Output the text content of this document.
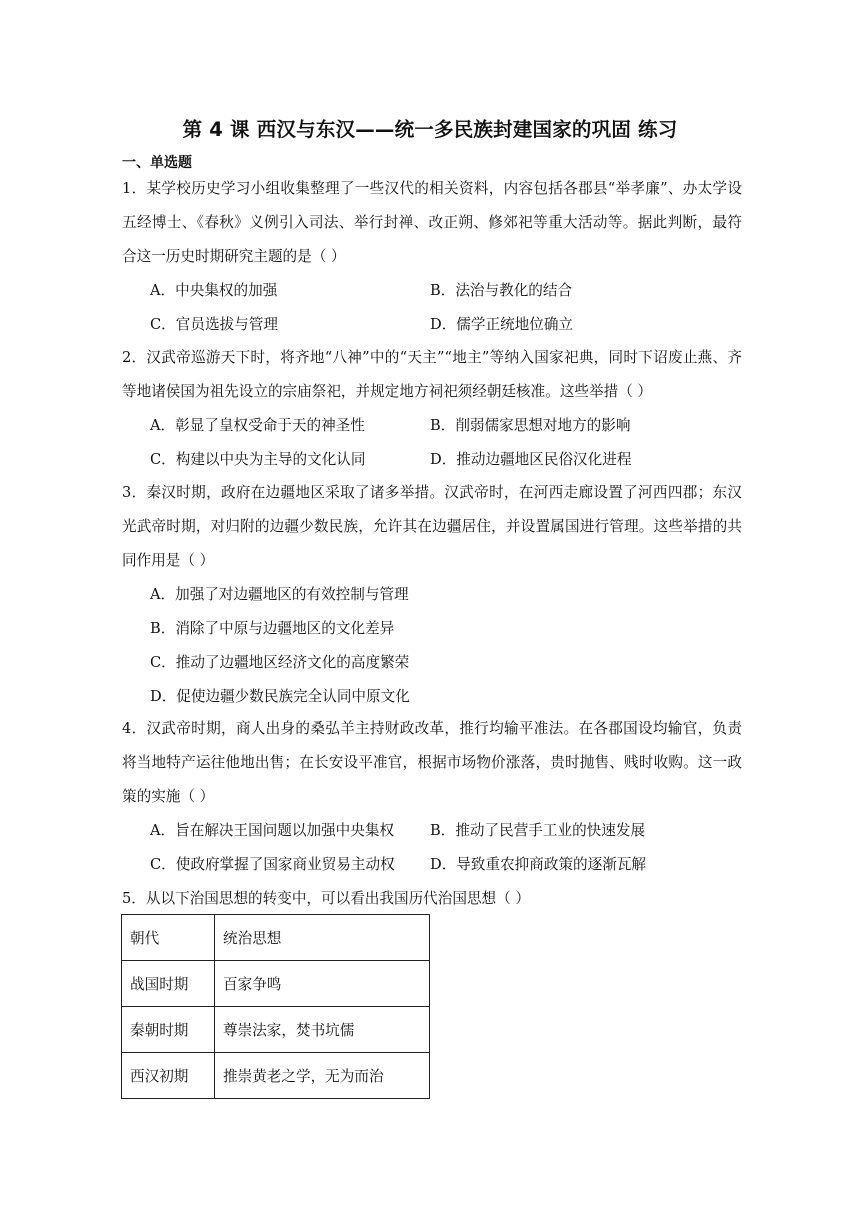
第 4 课 西汉与东汉——统一多民族封建国家的巩固 练习
一、单选题
1．某学校历史学习小组收集整理了一些汉代的相关资料，内容包括各郡县“举孝廉”、办太学设五经博士、《春秋》义例引入司法、举行封禅、改正朔、修郊祀等重大活动等。据此判断，最符合这一历史时期研究主题的是（ ）
A．中央集权的加强	B．法治与教化的结合
C．官员选拔与管理	D．儒学正统地位确立
2．汉武帝巡游天下时，将齐地“八神”中的“天主”“地主”等纳入国家祀典，同时下诏废止燕、齐等地诸侯国为祖先设立的宗庙祭祀，并规定地方祠祀须经朝廷核准。这些举措（ ）
A．彰显了皇权受命于天的神圣性	B．削弱儒家思想对地方的影响
C．构建以中央为主导的文化认同	D．推动边疆地区民俗汉化进程
3．秦汉时期，政府在边疆地区采取了诸多举措。汉武帝时，在河西走廊设置了河西四郡；东汉光武帝时期，对归附的边疆少数民族，允许其在边疆居住，并设置属国进行管理。这些举措的共同作用是（ ）
A．加强了对边疆地区的有效控制与管理
B．消除了中原与边疆地区的文化差异
C．推动了边疆地区经济文化的高度繁荣
D．促使边疆少数民族完全认同中原文化
4．汉武帝时期，商人出身的桑弘羊主持财政改革，推行均输平准法。在各郡国设均输官，负责将当地特产运往他地出售；在长安设平准官，根据市场物价涨落，贵时抛售、贱时收购。这一政策的实施（ ）
A．旨在解决王国问题以加强中央集权 B．推动了民营手工业的快速发展
C．使政府掌握了国家商业贸易主动权 D．导致重农抑商政策的逐渐瓦解
5．从以下治国思想的转变中，可以看出我国历代治国思想（ ）
朝代	统治思想
战国时期	百家争鸣
秦朝时期	尊崇法家，焚书坑儒
西汉初期	推崇黄老之学，无为而治
